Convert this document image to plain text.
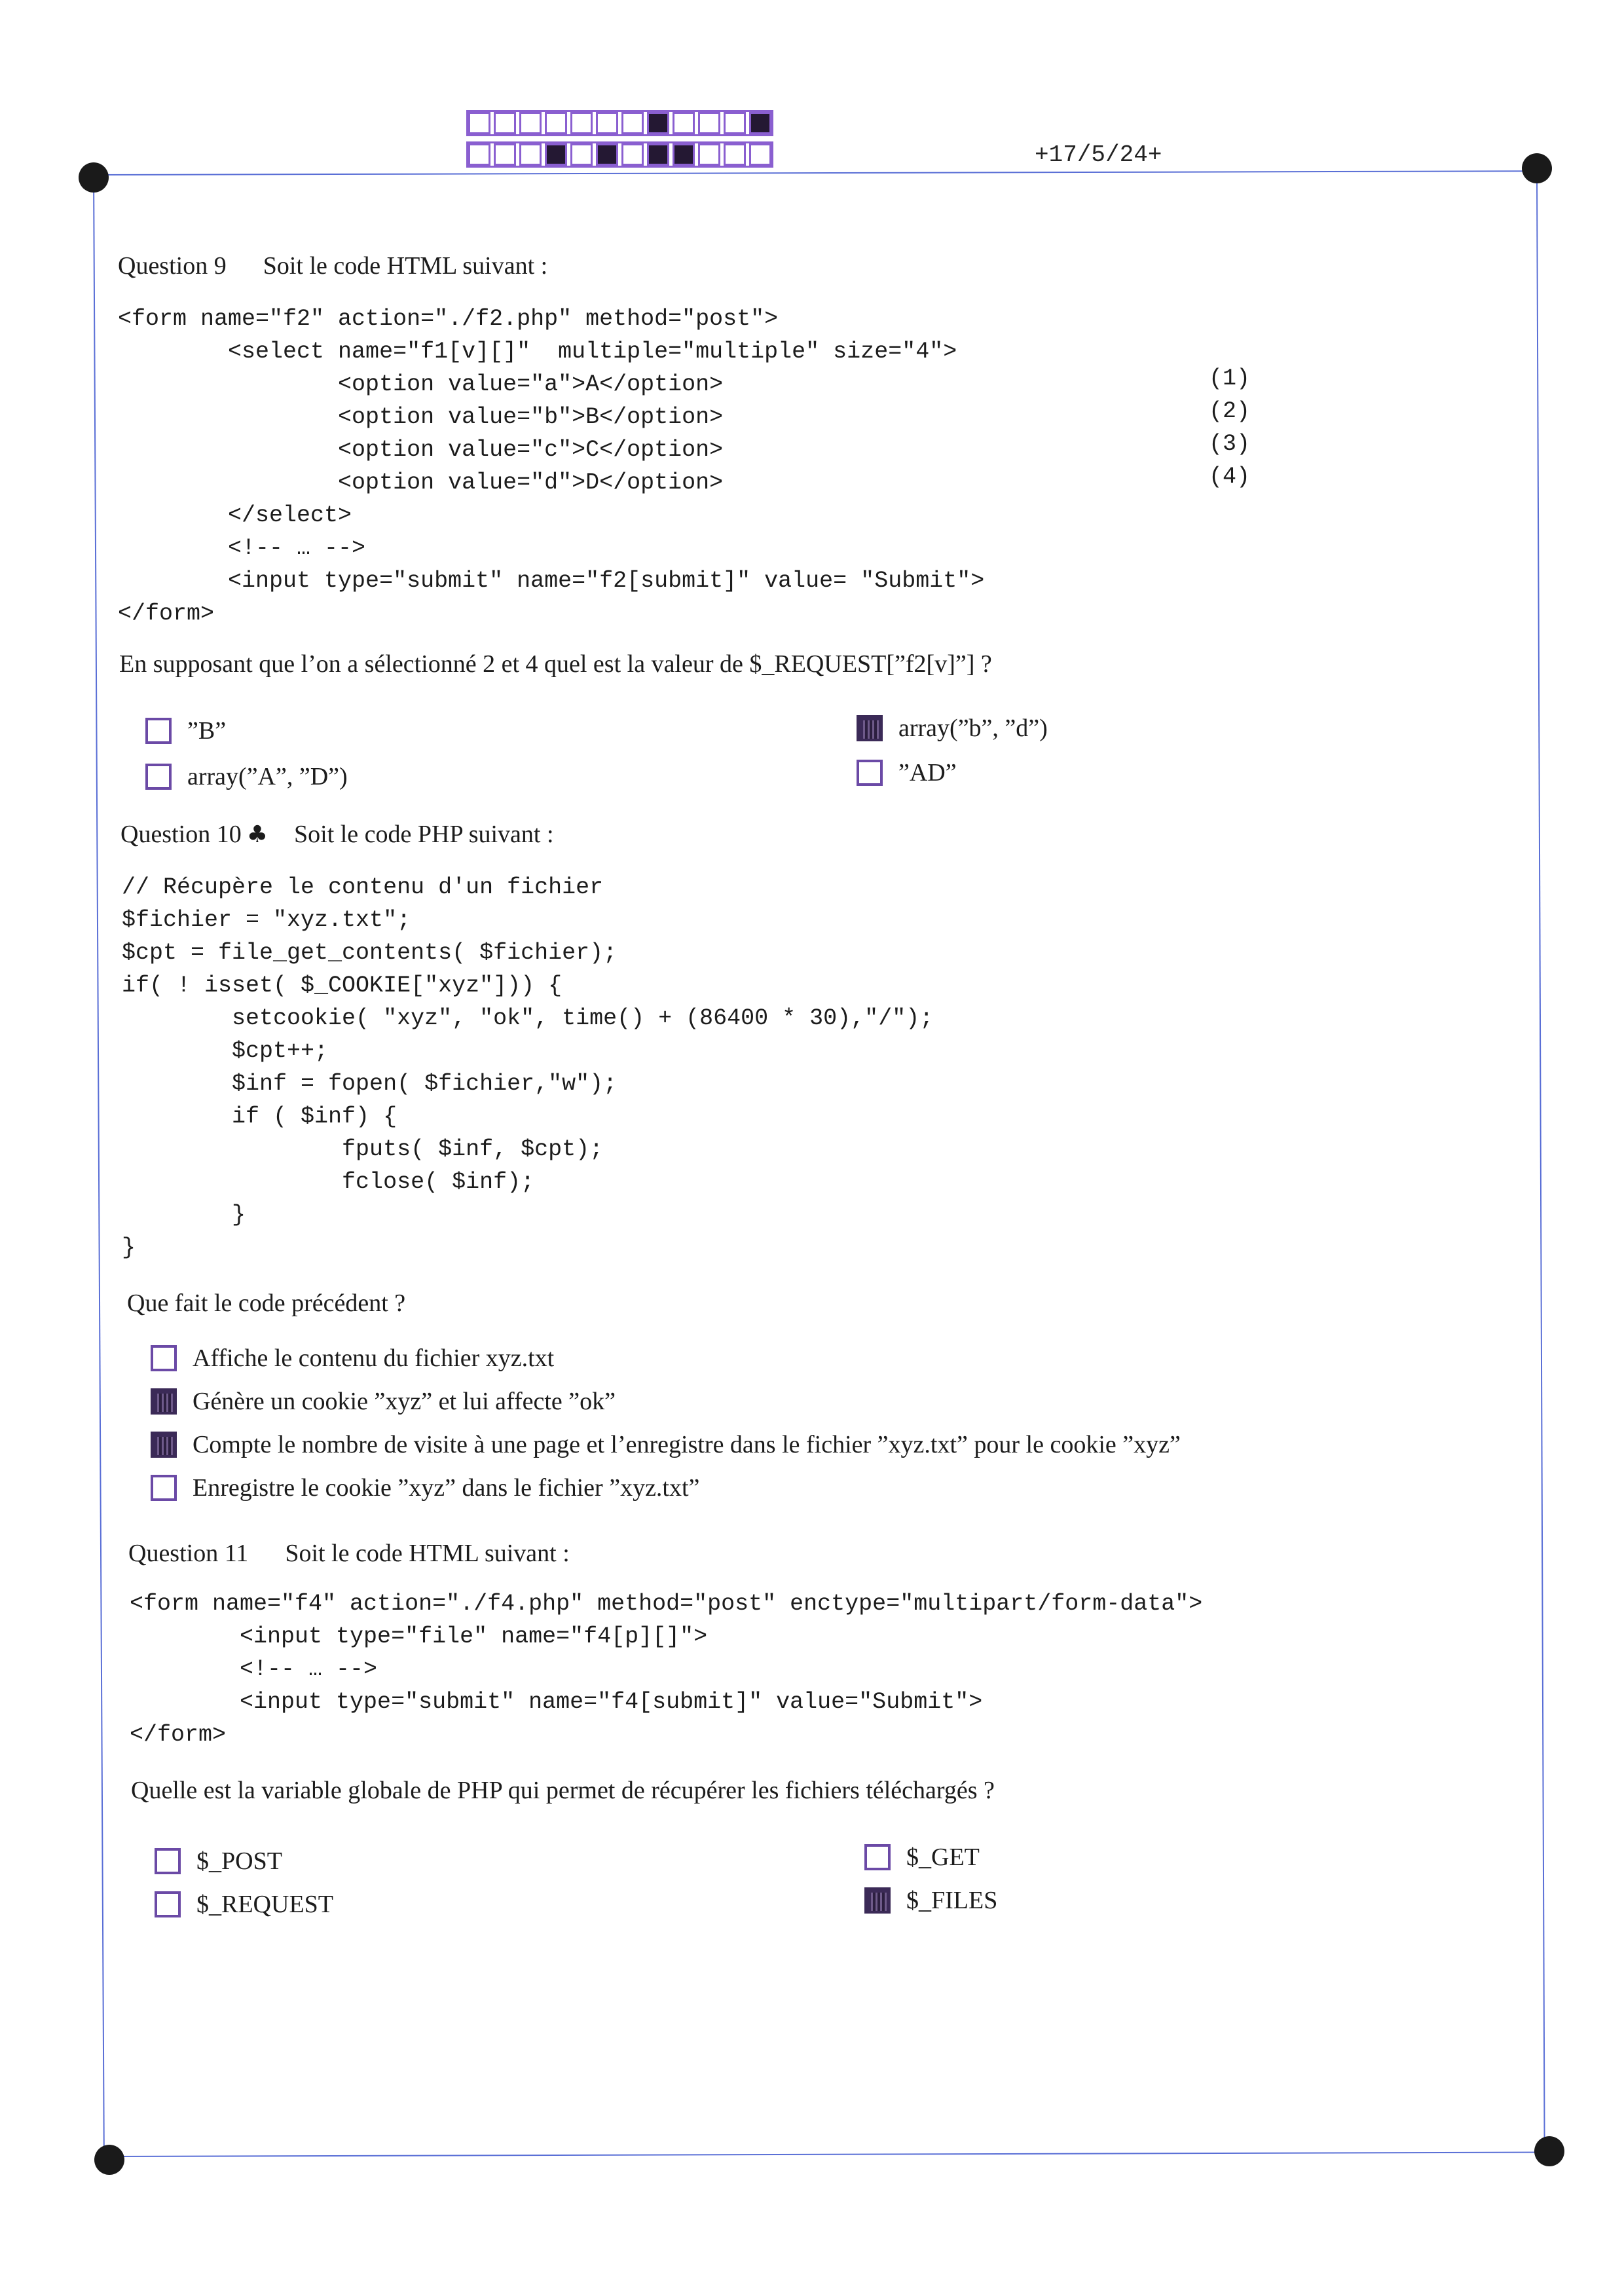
+17/5/24+
Question 9 Soit le code HTML suivant :
<form name="f2" action="./f2.php" method="post">
<select name="f1[v][]"  multiple="multiple" size="4">
<option value="a">A</option>
<option value="b">B</option>
<option value="c">C</option>
<option value="d">D</option>
</select>
<!-- … -->
<input type="submit" name="f2[submit]" value= "Submit">
</form>
(1)
(2)
(3)
(4)
En supposant que l’on a sélectionné 2 et 4 quel est la valeur de $_REQUEST[”f2[v]”] ?
”B”
array(”A”, ”D”)
array(”b”, ”d”)
”AD”
Question 10 ♣ Soit le code PHP suivant :
// Récupère le contenu d'un fichier
$fichier = "xyz.txt";
$cpt = file_get_contents( $fichier);
if( ! isset( $_COOKIE["xyz"])) {
setcookie( "xyz", "ok", time() + (86400 * 30),"/");
$cpt++;
$inf = fopen( $fichier,"w");
if ( $inf) {
fputs( $inf, $cpt);
fclose( $inf);
}
}
Que fait le code précédent ?
Affiche le contenu du fichier xyz.txt
Génère un cookie ”xyz” et lui affecte ”ok”
Compte le nombre de visite à une page et l’enregistre dans le fichier ”xyz.txt” pour le cookie ”xyz”
Enregistre le cookie ”xyz” dans le fichier ”xyz.txt”
Question 11 Soit le code HTML suivant :
<form name="f4" action="./f4.php" method="post" enctype="multipart/form-data">
<input type="file" name="f4[p][]">
<!-- … -->
<input type="submit" name="f4[submit]" value="Submit">
</form>
Quelle est la variable globale de PHP qui permet de récupérer les fichiers téléchargés ?
$_POST
$_REQUEST
$_GET
$_FILES
